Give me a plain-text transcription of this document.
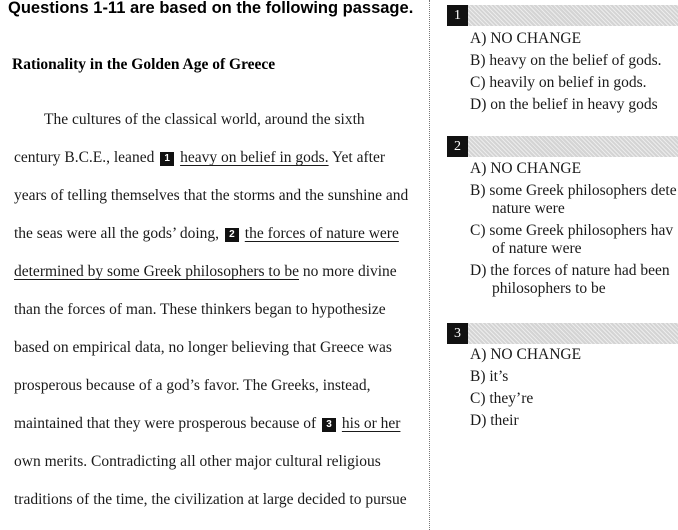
Questions 1-11 are based on the following passage.
Rationality in the Golden Age of Greece
The cultures of the classical world, around the sixth
century B.C.E., leaned 1 heavy on belief in gods. Yet after
years of telling themselves that the storms and the sunshine and
the seas were all the gods’ doing, 2 the forces of nature were
determined by some Greek philosophers to be no more divine
than the forces of man. These thinkers began to hypothesize
based on empirical data, no longer believing that Greece was
prosperous because of a god’s favor. The Greeks, instead,
maintained that they were prosperous because of 3 his or her
own merits. Contradicting all other major cultural religious
traditions of the time, the civilization at large decided to pursue
1
A) NO CHANGE
B) heavy on the belief of gods.
C) heavily on belief in gods.
D) on the belief in heavy gods
2
A) NO CHANGE
B) some Greek philosophers dete
nature were
C) some Greek philosophers hav
of nature were
D) the forces of nature had been
philosophers to be
3
A) NO CHANGE
B) it’s
C) they’re
D) their
